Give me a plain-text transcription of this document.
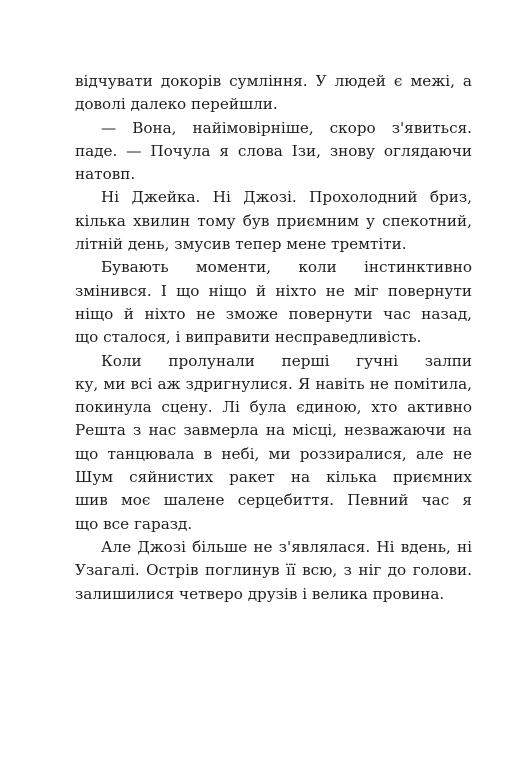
відчувати докорів сумління. У людей є межі, а
доволі далеко перейшли.
— Вона, найімовірніше, скоро з'явиться.
паде. — Почула я слова Ізи, знову оглядаючи
натовп.
Ні Джейка. Ні Джозі. Прохолодний бриз,
кілька хвилин тому був приємним у спекотний,
літній день, змусив тепер мене тремтіти.
Бувають моменти, коли інстинктивно
змінився. І що ніщо й ніхто не міг повернути
ніщо й ніхто не зможе повернути час назад,
що сталося, і виправити несправедливість.
Коли пролунали перші гучні залпи
ку, ми всі аж здригнулися. Я навіть не помітила,
покинула сцену. Лі була єдиною, хто активно
Решта з нас завмерла на місці, незважаючи на
що танцювала в небі, ми роззиралися, але не
Шум сяйнистих ракет на кілька приємних
шив моє шалене серцебиття. Певний час я
що все гаразд.
Але Джозі більше не з'являлася. Ні вдень, ні
Узагалі. Острів поглинув її всю, з ніг до голови.
залишилися четверо друзів і велика провина.
